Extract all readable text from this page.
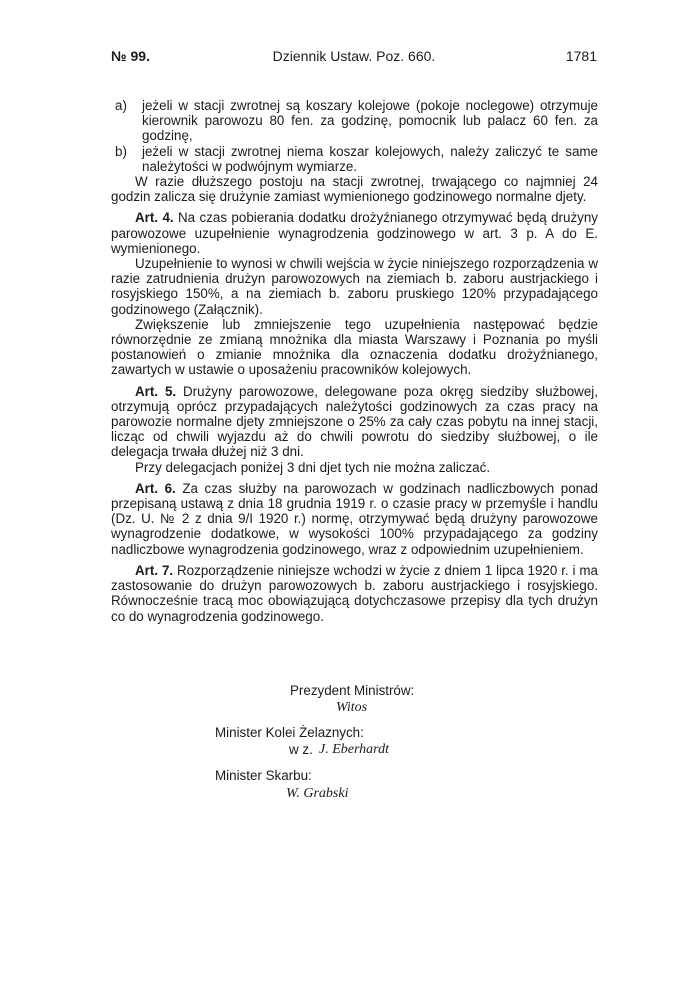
№ 99.	Dziennik Ustaw. Poz. 660.	1781
a)	jeżeli w stacji zwrotnej są koszary kolejowe (pokoje noclegowe) otrzymuje kierownik parowozu 80 fen. za godzinę, pomocnik lub palacz 60 fen. za godzinę,
b)	jeżeli w stacji zwrotnej niema koszar kolejowych, należy zaliczyć te same należytości w podwójnym wymiarze.

W razie dłuższego postoju na stacji zwrotnej, trwającego co najmniej 24 godzin zalicza się drużynie zamiast wymienionego godzinowego normalne djety.

Art. 4. Na czas pobierania dodatku drożyźnianego otrzymywać będą drużyny parowozowe uzupełnienie wynagrodzenia godzinowego w art. 3 p. A do E. wymienionego.

Uzupełnienie to wynosi w chwili wejścia w życie niniejszego rozporządzenia w razie zatrudnienia drużyn parowozowych na ziemiach b. zaboru austrjackiego i rosyjskiego 150%, a na ziemiach b. zaboru pruskiego 120% przypadającego godzinowego (Załącznik).

Zwiększenie lub zmniejszenie tego uzupełnienia następować będzie równorzędnie ze zmianą mnożnika dla miasta Warszawy i Poznania po myśli postanowień o zmianie mnożnika dla oznaczenia dodatku drożyźnianego, zawartych w ustawie o uposażeniu pracowników kolejowych.

Art. 5. Drużyny parowozowe, delegowane poza okręg siedziby służbowej, otrzymują oprócz przypadających należytości godzinowych za czas pracy na parowozie normalne djety zmniejszone o 25% za cały czas pobytu na innej stacji, licząc od chwili wyjazdu aż do chwili powrotu do siedziby służbowej, o ile delegacja trwała dłużej niż 3 dni.

Przy delegacjach poniżej 3 dni djet tych nie można zaliczać.

Art. 6. Za czas służby na parowozach w godzinach nadliczbowych ponad przepisaną ustawą z dnia 18 grudnia 1919 r. o czasie pracy w przemyśle i handlu (Dz. U. № 2 z dnia 9/I 1920 r.) normę, otrzymywać będą drużyny parowozowe wynagrodzenie dodatkowe, w wysokości 100% przypadającego za godziny nadliczbowe wynagrodzenia godzinowego, wraz z odpowiednim uzupełnieniem.

Art. 7. Rozporządzenie niniejsze wchodzi w życie z dniem 1 lipca 1920 r. i ma zastosowanie do drużyn parowozowych b. zaboru austrjackiego i rosyjskiego. Równocześnie tracą moc obowiązującą dotychczasowe przepisy dla tych drużyn co do wynagrodzenia godzinowego.

Prezydent Ministrów:
Witos
Minister Kolei Żelaznych:
w z. J. Eberhardt
Minister Skarbu:
W. Grabski
